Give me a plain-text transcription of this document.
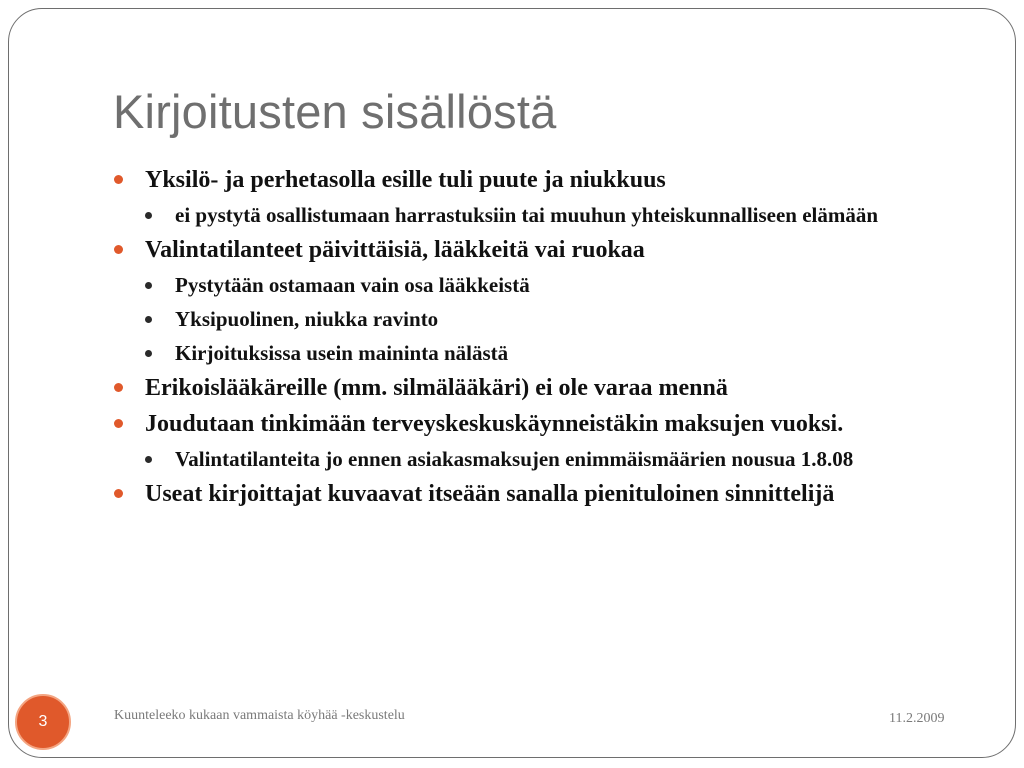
Kirjoitusten sisällöstä
Yksilö- ja perhetasolla esille tuli puute ja niukkuus
ei pystytä osallistumaan harrastuksiin tai muuhun yhteiskunnalliseen elämään
Valintatilanteet päivittäisiä, lääkkeitä vai ruokaa
Pystytään ostamaan vain osa lääkkeistä
Yksipuolinen, niukka ravinto
Kirjoituksissa usein maininta nälästä
Erikoislääkäreille (mm. silmälääkäri) ei ole varaa mennä
Joudutaan tinkimään terveyskeskuskäynneistäkin maksujen vuoksi.
Valintatilanteita jo ennen asiakasmaksujen enimmäismäärien nousua 1.8.08
Useat kirjoittajat kuvaavat itseään sanalla pienituloinen sinnittelijä
3	Kuunteleeko kukaan vammaista köyhää -keskustelu	11.2.2009
